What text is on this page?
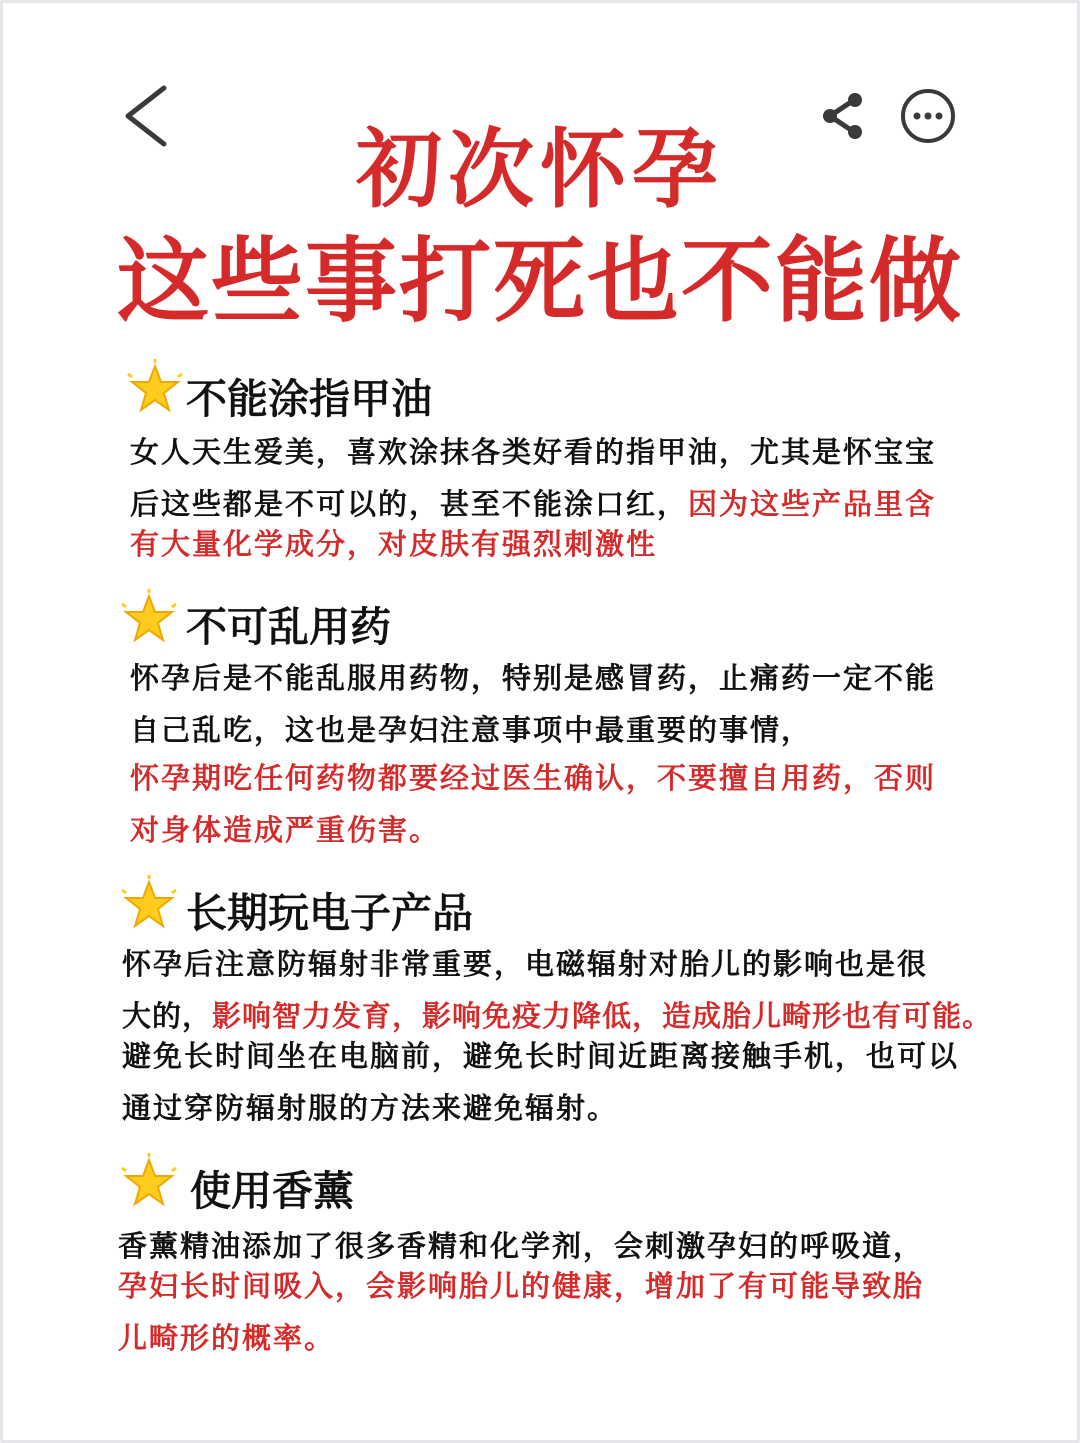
初次怀孕
这些事打死也不能做
不能涂指甲油

女人天生爱美，喜欢涂抹各类好看的指甲油，尤其是怀宝宝

后这些都是不可以的，甚至不能涂口红，因为这些产品里含

有大量化学成分，对皮肤有强烈刺激性

不可乱用药

怀孕后是不能乱服用药物，特别是感冒药，止痛药一定不能

自己乱吃，这也是孕妇注意事项中最重要的事情，

怀孕期吃任何药物都要经过医生确认，不要擅自用药，否则

对身体造成严重伤害。

长期玩电子产品

怀孕后注意防辐射非常重要，电磁辐射对胎儿的影响也是很

大的，影响智力发育，影响免疫力降低，造成胎儿畸形也有可能。

避免长时间坐在电脑前，避免长时间近距离接触手机，也可以

通过穿防辐射服的方法来避免辐射。

使用香薰

香薰精油添加了很多香精和化学剂，会刺激孕妇的呼吸道，

孕妇长时间吸入，会影响胎儿的健康，增加了有可能导致胎

儿畸形的概率。
